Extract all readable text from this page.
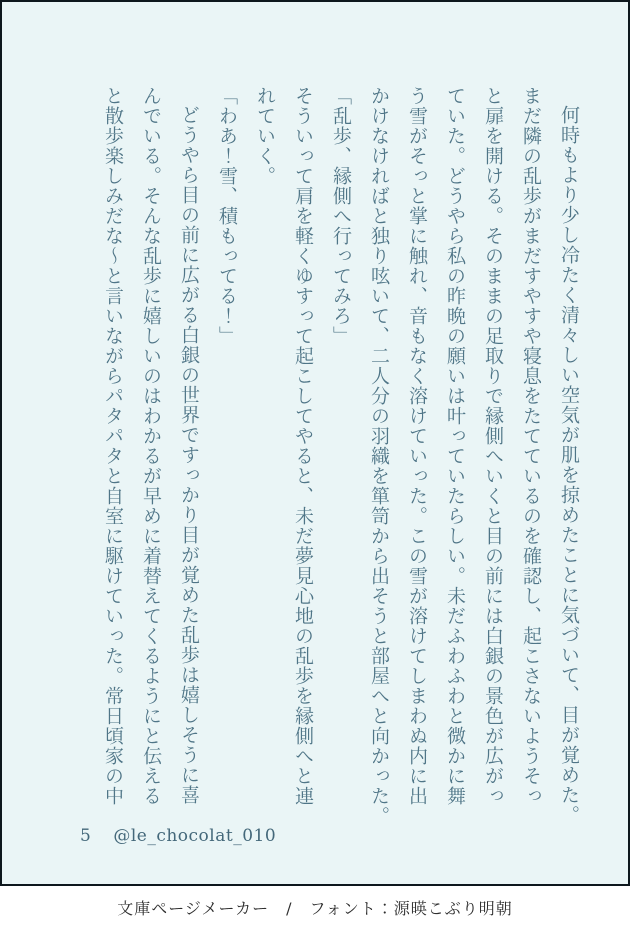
何時もより少し冷たく清々しい空気が肌を掠めたことに気づいて、目が覚めた。

まだ隣の乱歩がまだすやすや寝息をたてているのを確認し、起こさないようそっ

と扉を開ける。そのままの足取りで縁側へいくと目の前には白銀の景色が広がっ

ていた。どうやら私の昨晩の願いは叶っていたらしい。未だふわふわと微かに舞

う雪がそっと掌に触れ、音もなく溶けていった。この雪が溶けてしまわぬ内に出

かけなければと独り呟いて、二人分の羽織を箪笥から出そうと部屋へと向かった。

「乱歩、縁側へ行ってみろ」

そういって肩を軽くゆすって起こしてやると、未だ夢見心地の乱歩を縁側へと連

れていく。

「わあ！雪、積もってる！」

どうやら目の前に広がる白銀の世界ですっかり目が覚めた乱歩は嬉しそうに喜

んでいる。そんな乱歩に嬉しいのはわかるが早めに着替えてくるようにと伝える

と散歩楽しみだな～と言いながらパタパタと自室に駆けていった。常日頃家の中

5 @le_chocolat_010
文庫ページメーカー　/　フォント：源暎こぶり明朝
